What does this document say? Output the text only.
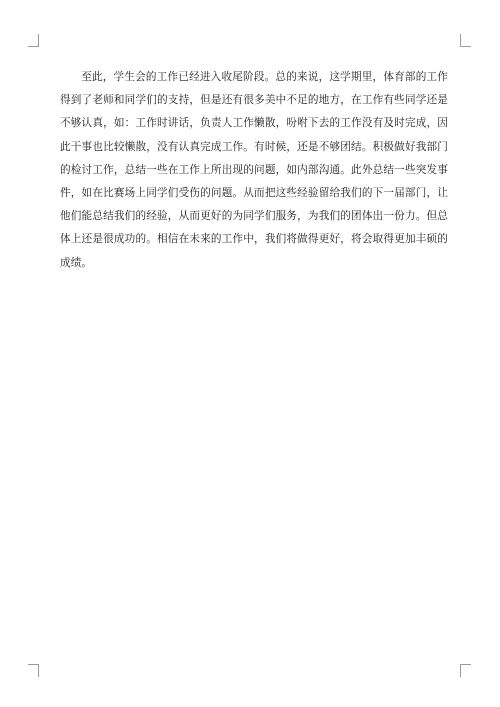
至此，学生会的工作已经进入收尾阶段。总的来说，这学期里，体育部的工作得到了老师和同学们的支持，但是还有很多美中不足的地方，在工作有些同学还是不够认真，如：工作时讲话，负责人工作懒散，吩咐下去的工作没有及时完成，因此干事也比较懒散，没有认真完成工作。有时候，还是不够团结。积极做好我部门的检讨工作，总结一些在工作上所出现的问题，如内部沟通。此外总结一些突发事件，如在比赛场上同学们受伤的问题。从而把这些经验留给我们的下一届部门，让他们能总结我们的经验，从而更好的为同学们服务，为我们的团体出一份力。但总体上还是很成功的。相信在未来的工作中，我们将做得更好，将会取得更加丰硕的成绩。
